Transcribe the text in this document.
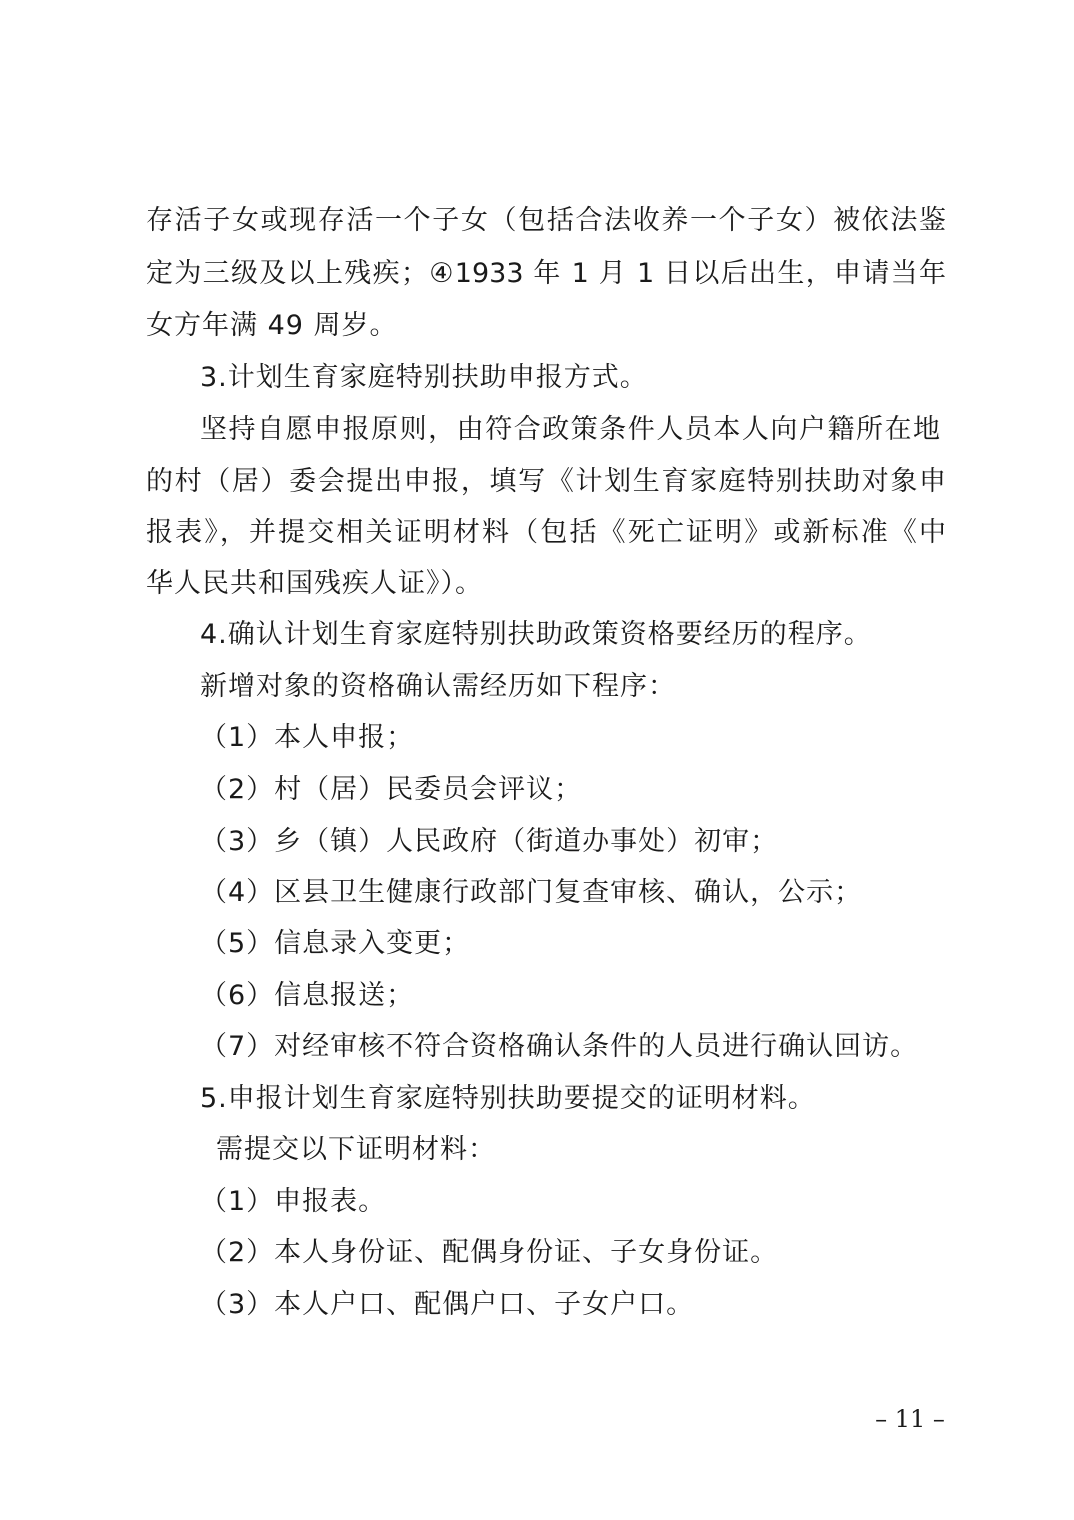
存活子女或现存活一个子女（包括合法收养一个子女）被依法鉴
定为三级及以上残疾；④1933 年 1 月 1 日以后出生，申请当年
女方年满 49 周岁。
3.计划生育家庭特别扶助申报方式。
坚持自愿申报原则，由符合政策条件人员本人向户籍所在地
的村（居）委会提出申报，填写《计划生育家庭特别扶助对象申
报表》，并提交相关证明材料（包括《死亡证明》或新标准《中
华人民共和国残疾人证》）。
4.确认计划生育家庭特别扶助政策资格要经历的程序。
新增对象的资格确认需经历如下程序：
（1）本人申报；
（2）村（居）民委员会评议；
（3）乡（镇）人民政府（街道办事处）初审；
（4）区县卫生健康行政部门复查审核、确认，公示；
（5）信息录入变更；
（6）信息报送；
（7）对经审核不符合资格确认条件的人员进行确认回访。
5.申报计划生育家庭特别扶助要提交的证明材料。
需提交以下证明材料：
（1）申报表。
（2）本人身份证、配偶身份证、子女身份证。
（3）本人户口、配偶户口、子女户口。
– 11 –
